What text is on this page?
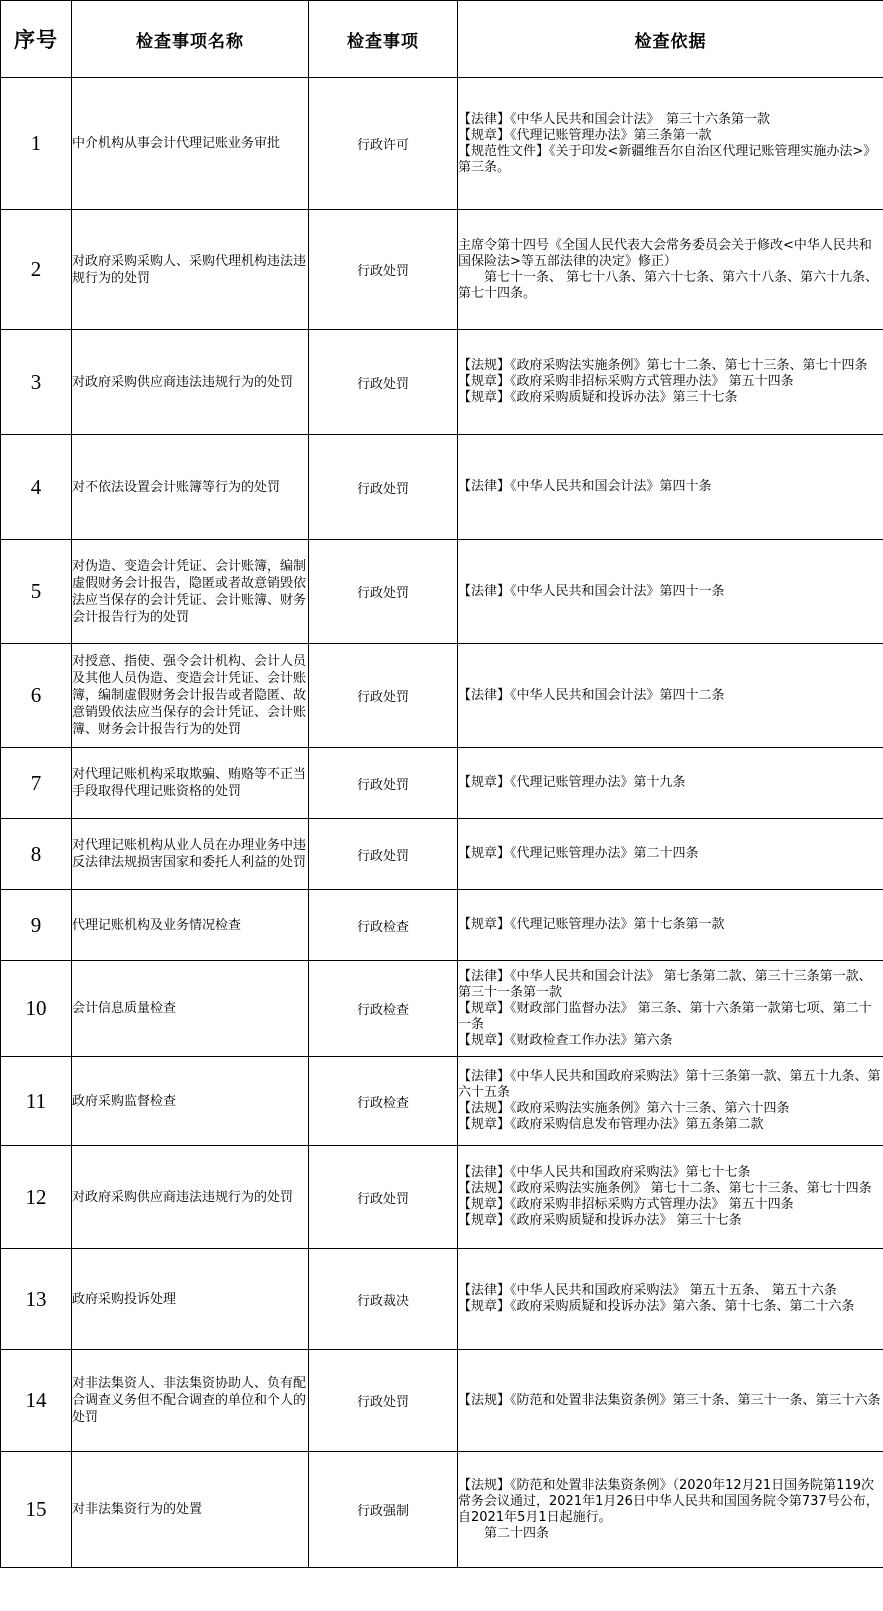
序号	检查事项名称	检查事项	检查依据
1	中介机构从事会计代理记账业务审批	行政许可	【法律】《中华人民共和国会计法》　第三十六条第一款
【规章】《代理记账管理办法》第三条第一款
【规范性文件】《关于印发<新疆维吾尔自治区代理记账管理实施办法>》 第三条。

2	对政府采购采购人、采购代理机构违法违规行为的处罚	行政处罚	主席令第十四号《全国人民代表大会常务委员会关于修改<中华人民共和国保险法>等五部法律的决定》修正）
　　第七十一条、 第七十八条、第六十七条、第六十八条、第六十九条、第七十四条。

3	对政府采购供应商违法违规行为的处罚	行政处罚	【法规】《政府采购法实施条例》第七十二条、第七十三条、第七十四条
【规章】《政府采购非招标采购方式管理办法》 第五十四条
【规章】《政府采购质疑和投诉办法》第三十七条

4	对不依法设置会计账簿等行为的处罚	行政处罚	【法律】《中华人民共和国会计法》第四十条

5	对伪造、变造会计凭证、会计账簿，编制虚假财务会计报告，隐匿或者故意销毁依法应当保存的会计凭证、会计账簿、财务会计报告行为的处罚	行政处罚	【法律】《中华人民共和国会计法》第四十一条

6	对授意、指使、强令会计机构、会计人员及其他人员伪造、变造会计凭证、会计账簿，编制虚假财务会计报告或者隐匿、故意销毁依法应当保存的会计凭证、会计账簿、财务会计报告行为的处罚	行政处罚	【法律】《中华人民共和国会计法》第四十二条

7	对代理记账机构采取欺骗、贿赂等不正当手段取得代理记账资格的处罚	行政处罚	【规章】《代理记账管理办法》第十九条

8	对代理记账机构从业人员在办理业务中违反法律法规损害国家和委托人利益的处罚	行政处罚	【规章】《代理记账管理办法》第二十四条

9	代理记账机构及业务情况检查	行政检查	【规章】《代理记账管理办法》第十七条第一款

10	会计信息质量检查	行政检查	【法律】《中华人民共和国会计法》 第七条第二款、第三十三条第一款、第三十一条第一款
【规章】《财政部门监督办法》 第三条、第十六条第一款第七项、第二十一条
【规章】《财政检查工作办法》第六条

11	政府采购监督检查	行政检查	【法律】《中华人民共和国政府采购法》第十三条第一款、第五十九条、第六十五条
【法规】《政府采购法实施条例》第六十三条、第六十四条
【规章】《政府采购信息发布管理办法》第五条第二款

12	对政府采购供应商违法违规行为的处罚	行政处罚	【法律】《中华人民共和国政府采购法》第七十七条
【法规】《政府采购法实施条例》 第七十二条、第七十三条、第七十四条
【规章】《政府采购非招标采购方式管理办法》 第五十四条
【规章】《政府采购质疑和投诉办法》 第三十七条

13	政府采购投诉处理	行政裁决	【法律】《中华人民共和国政府采购法》 第五十五条、 第五十六条
【规章】《政府采购质疑和投诉办法》第六条、第十七条、第二十六条

14	对非法集资人、非法集资协助人、负有配合调查义务但不配合调查的单位和个人的处罚	行政处罚	【法规】《防范和处置非法集资条例》第三十条、第三十一条、第三十六条

15	对非法集资行为的处置	行政强制	【法规】《防范和处置非法集资条例》（2020年12月21日国务院第119次常务会议通过，2021年1月26日中华人民共和国国务院令第737号公布，自2021年5月1日起施行。
　　第二十四条
